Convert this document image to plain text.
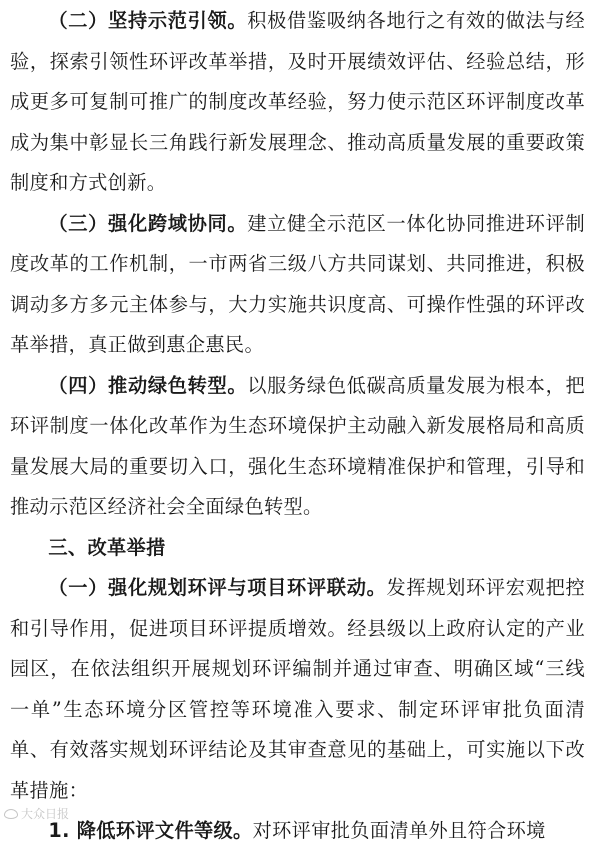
（二）坚持示范引领。积极借鉴吸纳各地行之有效的做法与经验，探索引领性环评改革举措，及时开展绩效评估、经验总结，形成更多可复制可推广的制度改革经验，努力使示范区环评制度改革成为集中彰显长三角践行新发展理念、推动高质量发展的重要政策制度和方式创新。

（三）强化跨域协同。建立健全示范区一体化协同推进环评制度改革的工作机制，一市两省三级八方共同谋划、共同推进，积极调动多方多元主体参与，大力实施共识度高、可操作性强的环评改革举措，真正做到惠企惠民。

（四）推动绿色转型。以服务绿色低碳高质量发展为根本，把环评制度一体化改革作为生态环境保护主动融入新发展格局和高质量发展大局的重要切入口，强化生态环境精准保护和管理，引导和推动示范区经济社会全面绿色转型。

三、改革举措

（一）强化规划环评与项目环评联动。发挥规划环评宏观把控和引导作用，促进项目环评提质增效。经县级以上政府认定的产业园区，在依法组织开展规划环评编制并通过审查、明确区域“三线一单”生态环境分区管控等环境准入要求、制定环评审批负面清单、有效落实规划环评结论及其审查意见的基础上，可实施以下改革措施：

1. 降低环评文件等级。对环评审批负面清单外且符合环境

大众日报
